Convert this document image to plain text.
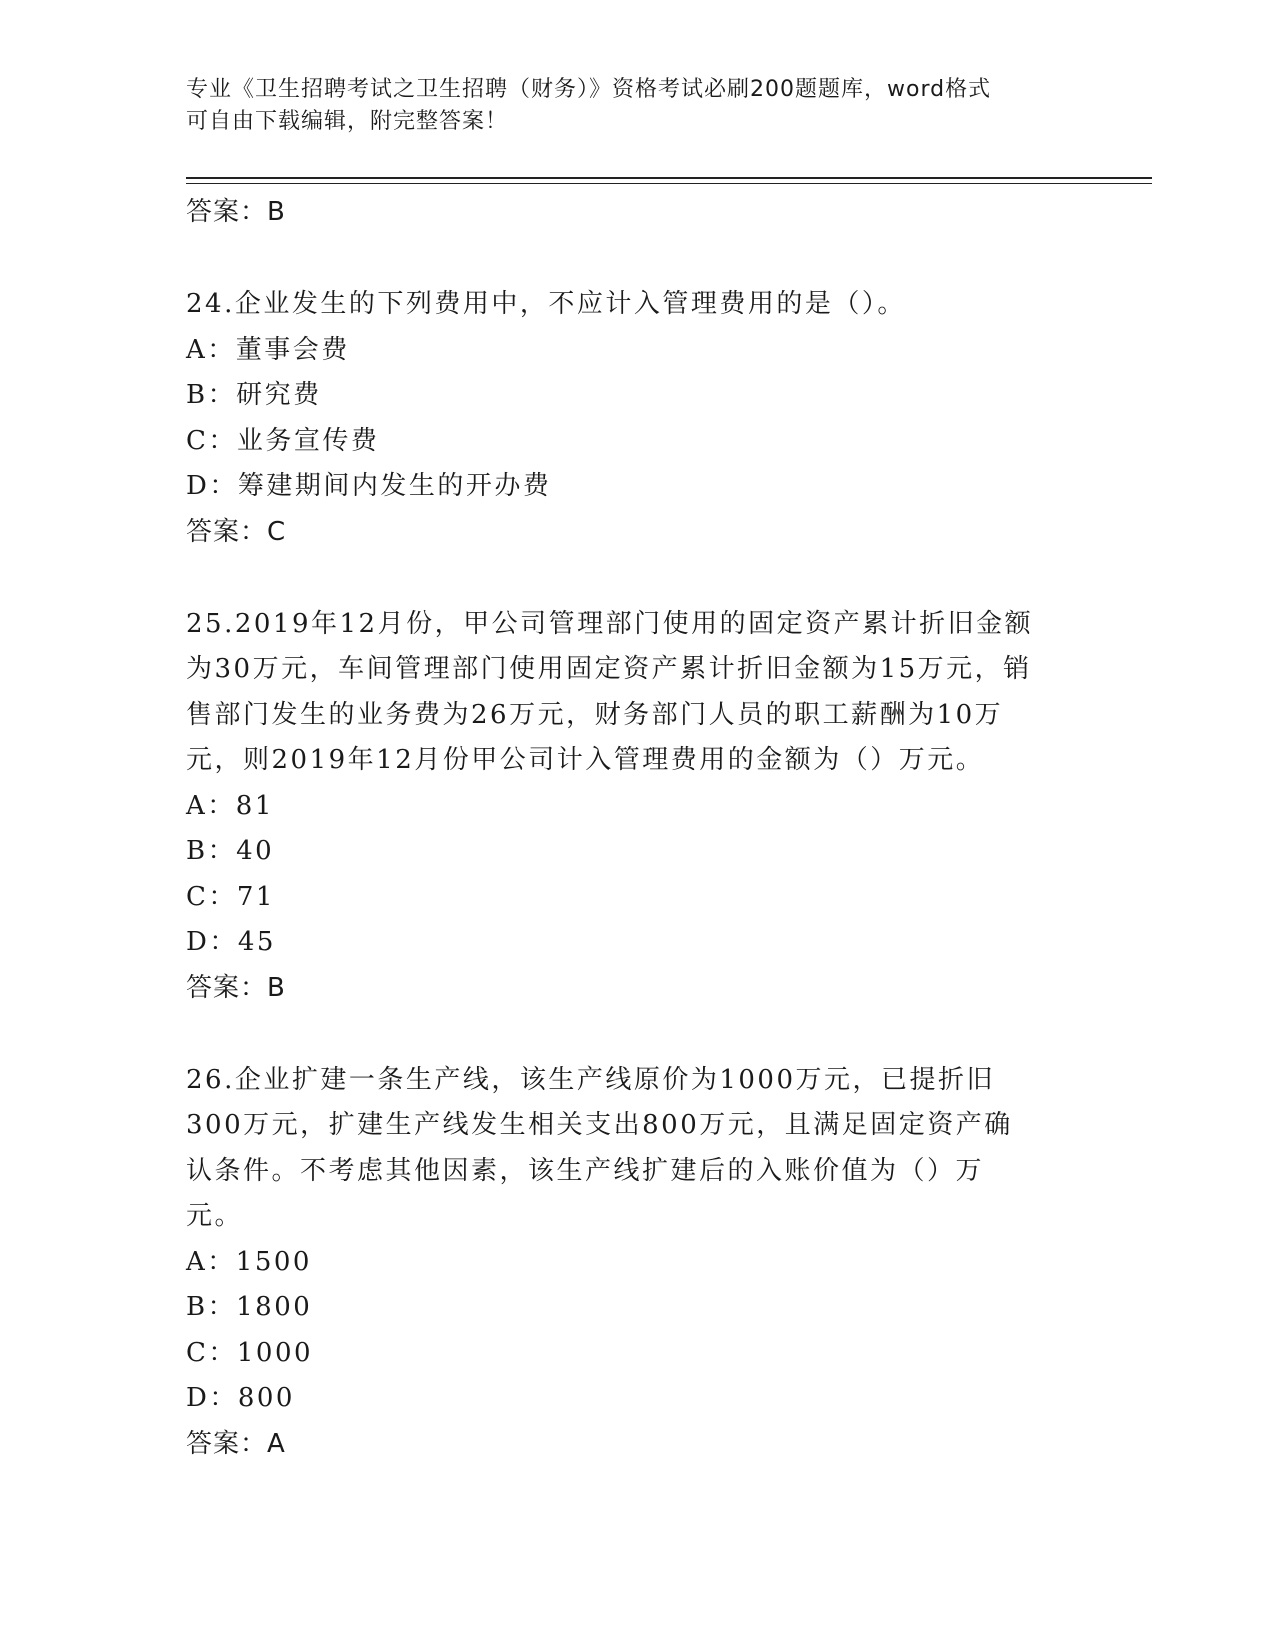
专业《卫生招聘考试之卫生招聘（财务）》资格考试必刷200题题库，word格式
可自由下载编辑，附完整答案！
答案：B
24.企业发生的下列费用中，不应计入管理费用的是（）。
A：董事会费
B：研究费
C：业务宣传费
D：筹建期间内发生的开办费
答案：C
25.2019年12月份，甲公司管理部门使用的固定资产累计折旧金额为30万元，车间管理部门使用固定资产累计折旧金额为15万元，销售部门发生的业务费为26万元，财务部门人员的职工薪酬为10万元，则2019年12月份甲公司计入管理费用的金额为（）万元。
A：81
B：40
C：71
D：45
答案：B
26.企业扩建一条生产线，该生产线原价为1000万元，已提折旧300万元，扩建生产线发生相关支出800万元，且满足固定资产确认条件。不考虑其他因素，该生产线扩建后的入账价值为（）万元。
A：1500
B：1800
C：1000
D：800
答案：A
